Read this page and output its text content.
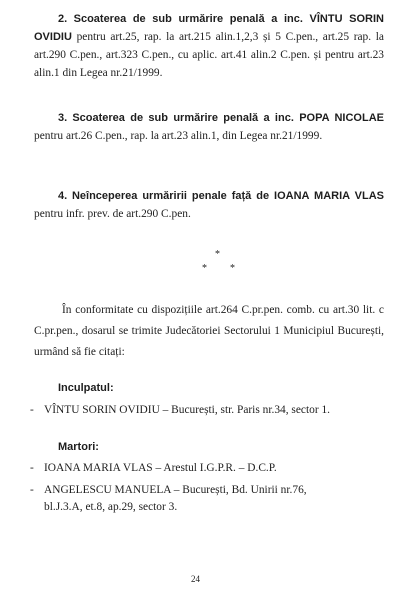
2. Scoaterea de sub urmărire penală a inc. VÎNTU SORIN OVIDIU pentru art.25, rap. la art.215 alin.1,2,3 și 5 C.pen., art.25 rap. la art.290 C.pen., art.323 C.pen., cu aplic. art.41 alin.2 C.pen. și pentru art.23 alin.1 din Legea nr.21/1999.

3. Scoaterea de sub urmărire penală a inc. POPA NICOLAE pentru art.26 C.pen., rap. la art.23 alin.1, din Legea nr.21/1999.

4. Neînceperea urmăririi penale față de IOANA MARIA VLAS pentru infr. prev. de art.290 C.pen.

*
* *

În conformitate cu dispozițiile art.264 C.pr.pen. comb. cu art.30 lit. c C.pr.pen., dosarul se trimite Judecătoriei Sectorului 1 Municipiul București, urmând să fie citați:

Inculpatul:

- VÎNTU SORIN OVIDIU – București, str. Paris nr.34, sector 1.

Martori:

- IOANA MARIA VLAS – Arestul I.G.P.R. – D.C.P.

- ANGELESCU MANUELA – București, Bd. Unirii nr.76,
bl.J.3.A, et.8, ap.29, sector 3.

24
